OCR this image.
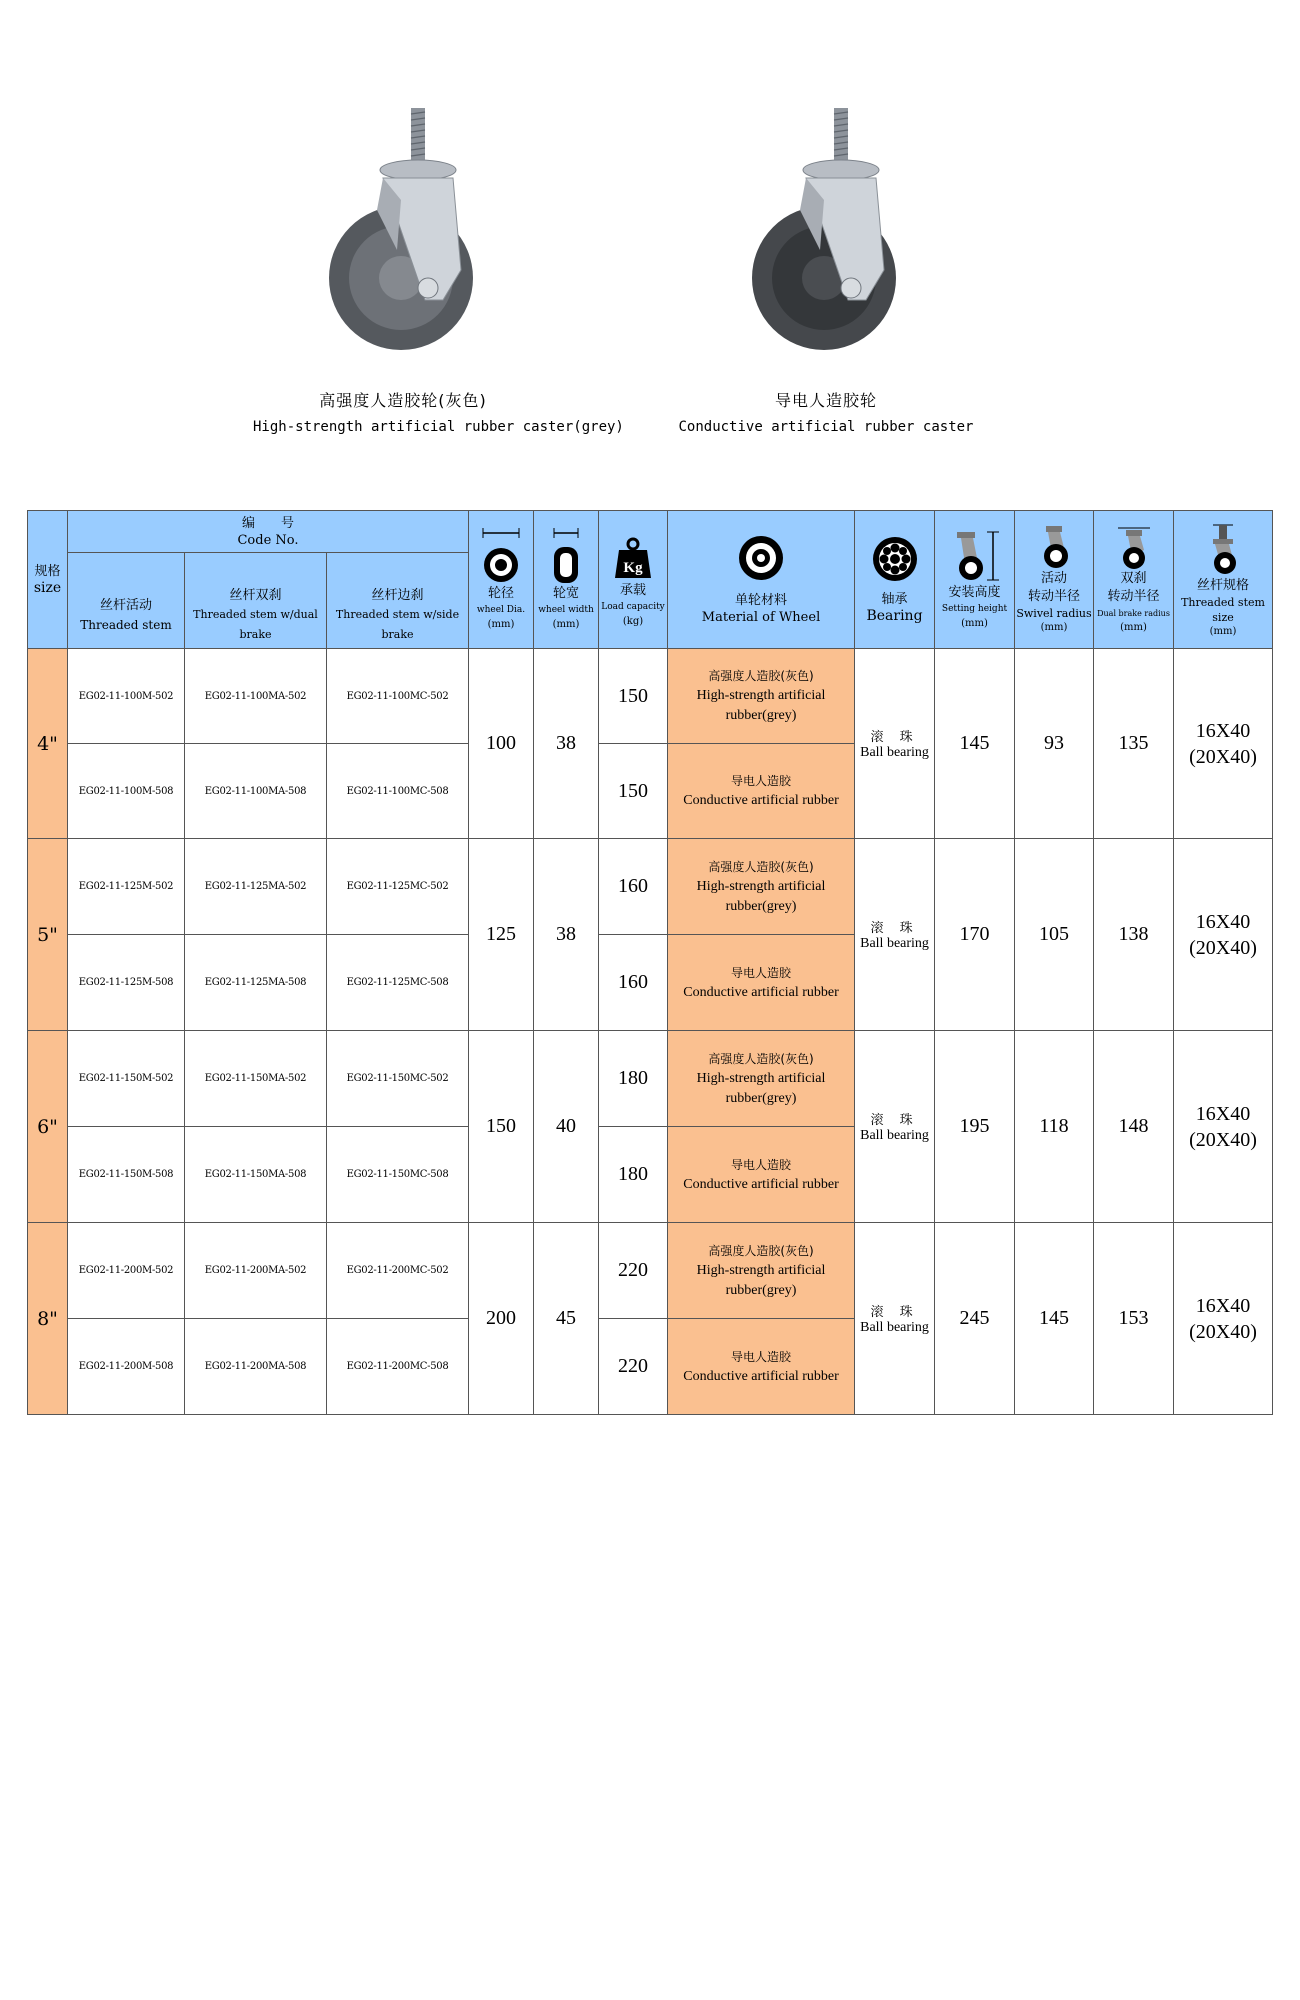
高强度人造胶轮(灰色)
High-strength artificial rubber caster(grey)
导电人造胶轮
Conductive artificial rubber caster
规格
size	编　　号
Code No.			轮径
wheel Dia.
(mm)	轮宽
wheel width
(mm)	Kg
承载
Load capacity
(kg)	单轮材料
Material of Wheel	轴承
Bearing	安装高度
Setting height
(mm)	活动
转动半径
Swivel radius
(mm)	双刹
转动半径
Dual brake radius
(mm)	丝杆规格
Threaded stem size
(mm)

	丝杆活动
Threaded stem	丝杆双刹
Threaded stem w/dual brake	丝杆边刹
Threaded stem w/side brake									

4"	EG02-11-100M-502	EG02-11-100MA-502	EG02-11-100MC-502	100	38	150	高强度人造胶(灰色)
High-strength artificial
rubber(grey)	滚 珠
Ball bearing	145	93	135	16X40
(20X40)
	EG02-11-100M-508	EG02-11-100MA-508	EG02-11-100MC-508			150	导电人造胶
Conductive artificial rubber					

5"	EG02-11-125M-502	EG02-11-125MA-502	EG02-11-125MC-502	125	38	160	高强度人造胶(灰色)
High-strength artificial
rubber(grey)	滚 珠
Ball bearing	170	105	138	16X40
(20X40)
	EG02-11-125M-508	EG02-11-125MA-508	EG02-11-125MC-508			160	导电人造胶
Conductive artificial rubber					

6"	EG02-11-150M-502	EG02-11-150MA-502	EG02-11-150MC-502	150	40	180	高强度人造胶(灰色)
High-strength artificial
rubber(grey)	滚 珠
Ball bearing	195	118	148	16X40
(20X40)
	EG02-11-150M-508	EG02-11-150MA-508	EG02-11-150MC-508			180	导电人造胶
Conductive artificial rubber					

8"	EG02-11-200M-502	EG02-11-200MA-502	EG02-11-200MC-502	200	45	220	高强度人造胶(灰色)
High-strength artificial
rubber(grey)	滚 珠
Ball bearing	245	145	153	16X40
(20X40)
	EG02-11-200M-508	EG02-11-200MA-508	EG02-11-200MC-508			220	导电人造胶
Conductive artificial rubber					
